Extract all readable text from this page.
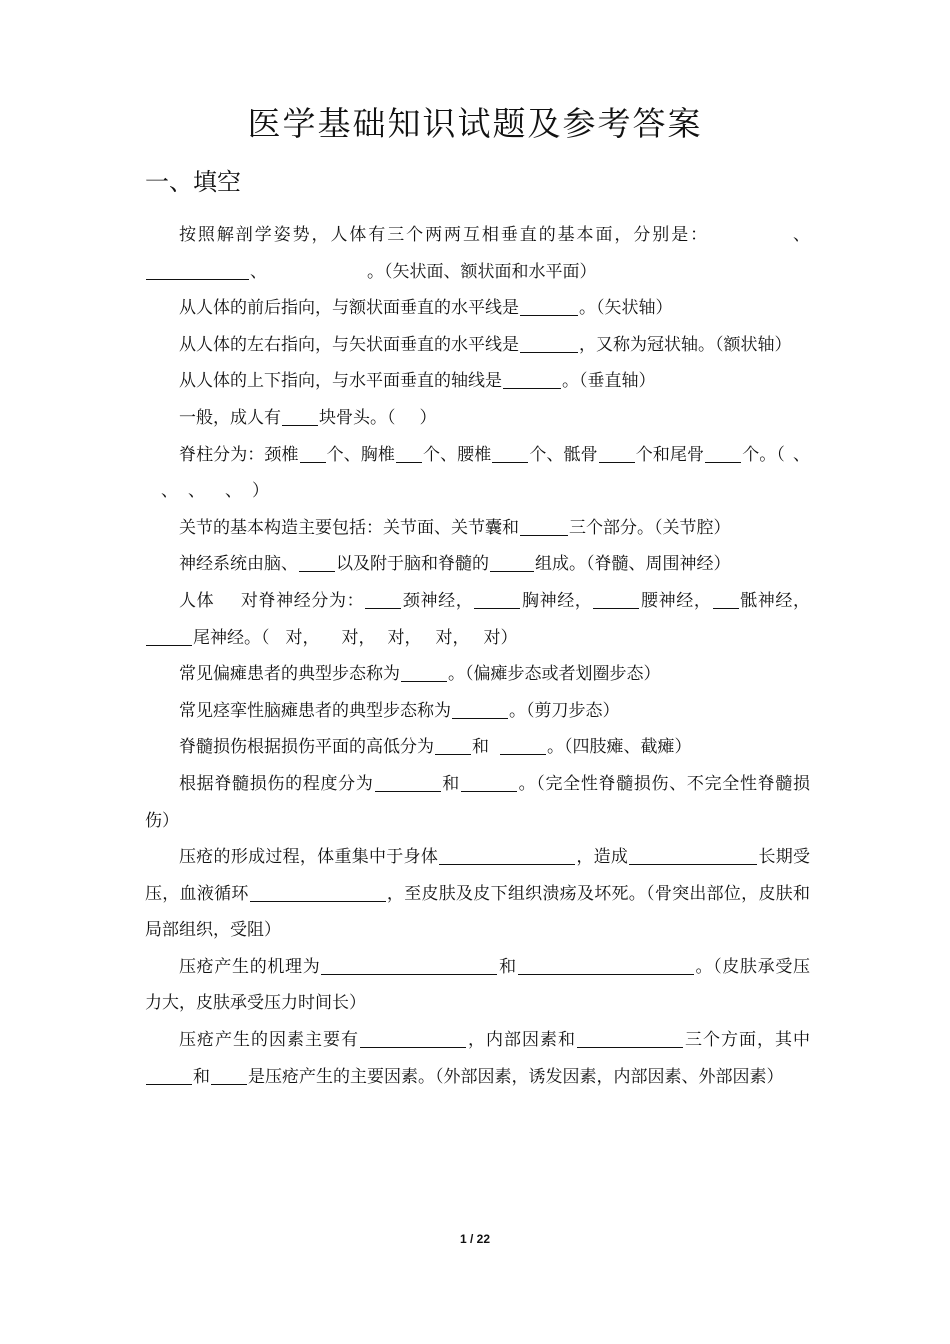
医学基础知识试题及参考答案
一、填空

按照解剖学姿势，人体有三个两两互相垂直的基本面，分别是：	、、	。（矢状面、额状面和水平面）

从人体的前后指向，与额状面垂直的水平线是	。（矢状轴）

从人体的左右指向，与矢状面垂直的水平线是	，又称为冠状轴。（额状轴）

从人体的上下指向，与水平面垂直的轴线是	。（垂直轴）

一般，成人有 块骨头。（ ）

脊柱分为：颈椎 个、胸椎 个、腰椎 个、骶骨 个和尾骨 个。（ 、、 、 、 ）

关节的基本构造主要包括：关节面、关节囊和	三个部分。（关节腔）

神经系统由脑、 以及附于脑和脊髓的	组成。（脊髓、周围神经）

人体 对脊神经分为： 颈神经，	胸神经，	腰神经， 骶神经，尾神经。（ 对， 对， 对， 对， 对）

常见偏瘫患者的典型步态称为	。（偏瘫步态或者划圈步态）

常见痉挛性脑瘫患者的典型步态称为	。（剪刀步态）

脊髓损伤根据损伤平面的高低分为 和	。（四肢瘫、截瘫）

根据脊髓损伤的程度分为	和	。（完全性脊髓损伤、不完全性脊髓损伤）

压疮的形成过程，体重集中于身体	，造成	长期受压，血液循环	，至皮肤及皮下组织溃疡及坏死。（骨突出部位，皮肤和局部组织，受阻）

压疮产生的机理为	和	。（皮肤承受压力大，皮肤承受压力时间长）

压疮产生的因素主要有	，内部因素和	三个方面，其中和 是压疮产生的主要因素。（外部因素，诱发因素，内部因素、外部因素）

1 / 22
